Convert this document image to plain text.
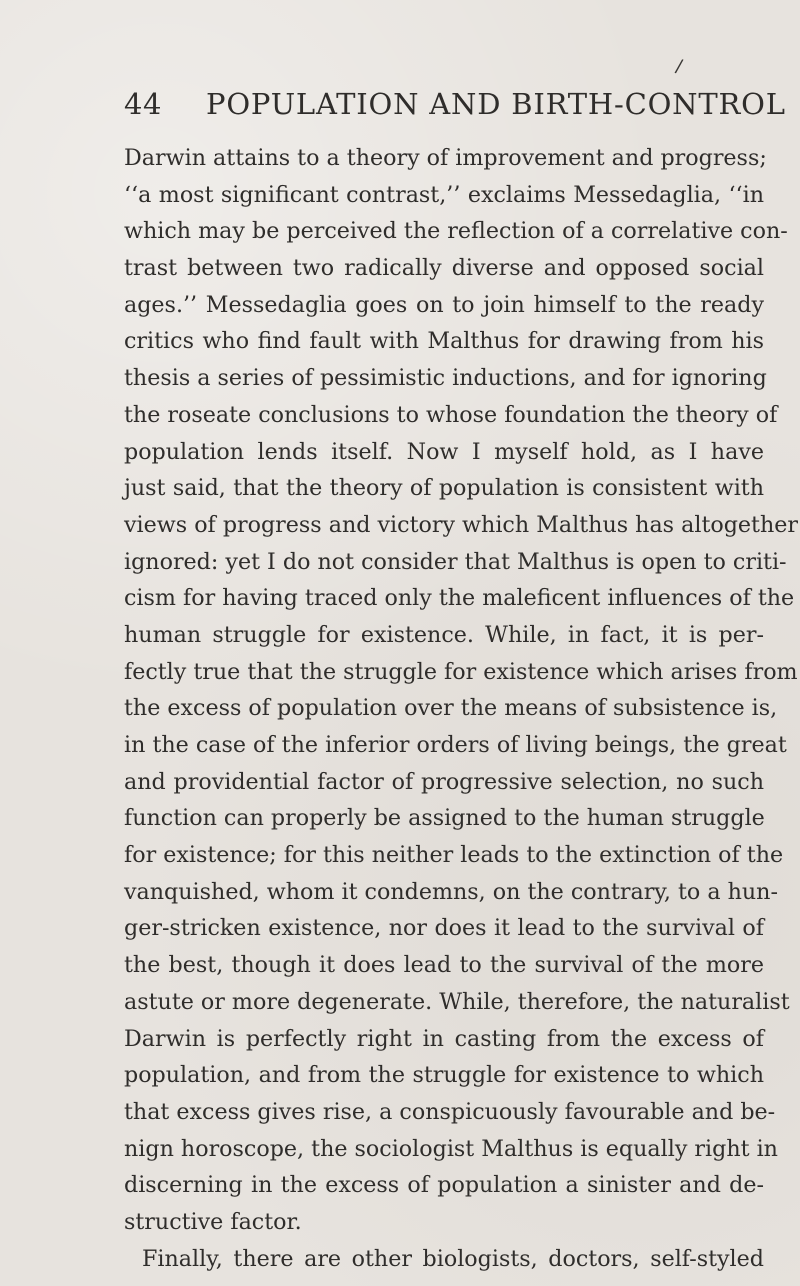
/
44 POPULATION AND BIRTH-CONTROL
Darwin attains to a theory of improvement and progress;
‘‘a most significant contrast,’’ exclaims Messedaglia, ‘‘in
which may be perceived the reflection of a correlative con-
trast between two radically diverse and opposed social
ages.’’ Messedaglia goes on to join himself to the ready
critics who find fault with Malthus for drawing from his
thesis a series of pessimistic inductions, and for ignoring
the roseate conclusions to whose foundation the theory of
population lends itself. Now I myself hold, as I have
just said, that the theory of population is consistent with
views of progress and victory which Malthus has altogether
ignored: yet I do not consider that Malthus is open to criti-
cism for having traced only the maleficent influences of the
human struggle for existence. While, in fact, it is per-
fectly true that the struggle for existence which arises from
the excess of population over the means of subsistence is,
in the case of the inferior orders of living beings, the great
and providential factor of progressive selection, no such
function can properly be assigned to the human struggle
for existence; for this neither leads to the extinction of the
vanquished, whom it condemns, on the contrary, to a hun-
ger-stricken existence, nor does it lead to the survival of
the best, though it does lead to the survival of the more
astute or more degenerate. While, therefore, the naturalist
Darwin is perfectly right in casting from the excess of
population, and from the struggle for existence to which
that excess gives rise, a conspicuously favourable and be-
nign horoscope, the sociologist Malthus is equally right in
discerning in the excess of population a sinister and de-
structive factor.
Finally, there are other biologists, doctors, self-styled
